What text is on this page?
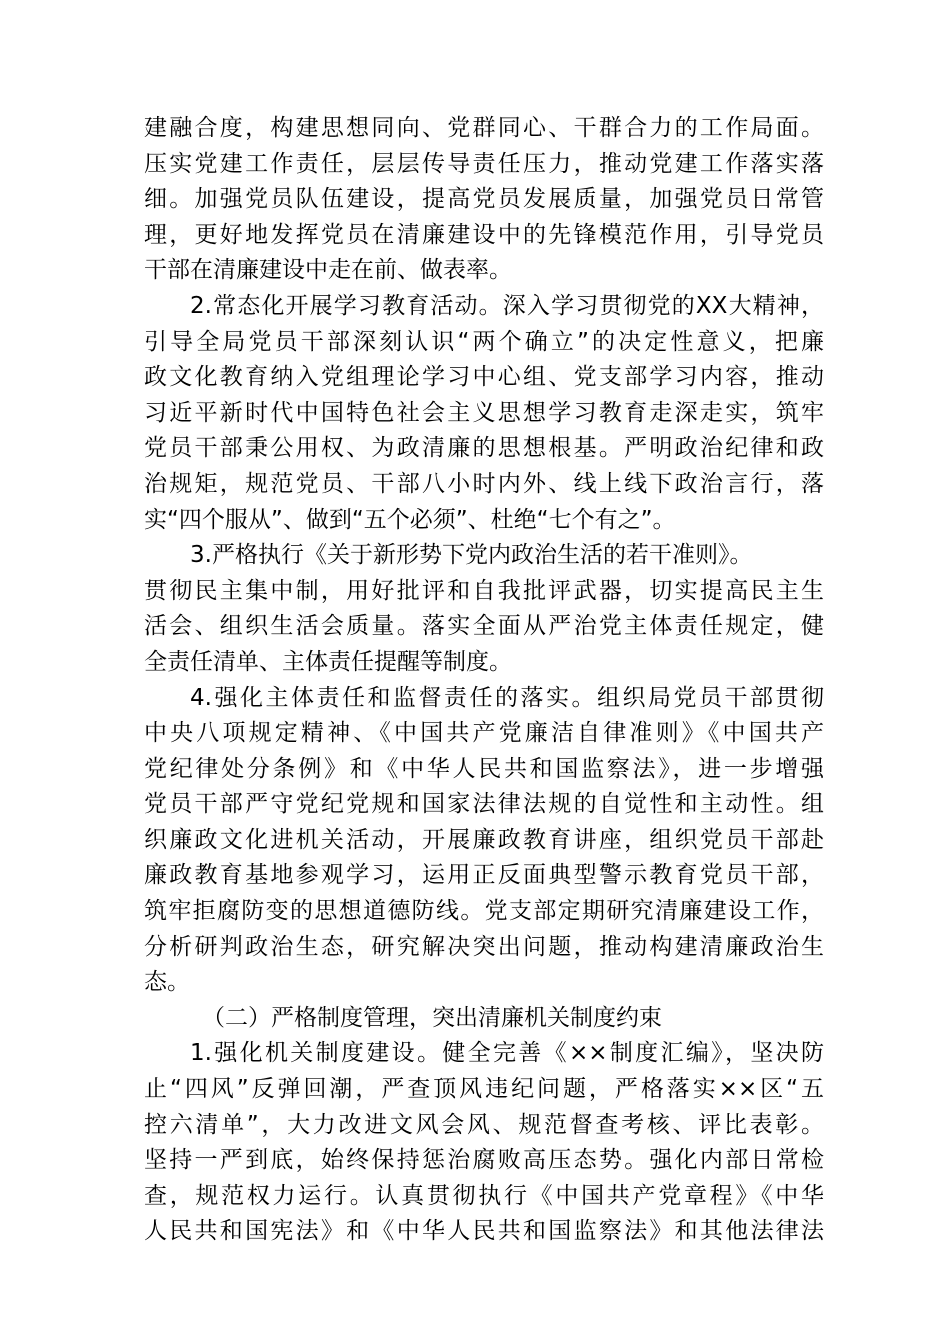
建融合度，构建思想同向、党群同心、干群合力的工作局面。
压实党建工作责任，层层传导责任压力，推动党建工作落实落
细。加强党员队伍建设，提高党员发展质量，加强党员日常管
理，更好地发挥党员在清廉建设中的先锋模范作用，引导党员
干部在清廉建设中走在前、做表率。
2.常态化开展学习教育活动。深入学习贯彻党的XX大精神，
引导全局党员干部深刻认识“两个确立”的决定性意义，把廉
政文化教育纳入党组理论学习中心组、党支部学习内容，推动
习近平新时代中国特色社会主义思想学习教育走深走实，筑牢
党员干部秉公用权、为政清廉的思想根基。严明政治纪律和政
治规矩，规范党员、干部八小时内外、线上线下政治言行，落
实“四个服从”、做到“五个必须”、杜绝“七个有之”。
3.严格执行《关于新形势下党内政治生活的若干准则》。
贯彻民主集中制，用好批评和自我批评武器，切实提高民主生
活会、组织生活会质量。落实全面从严治党主体责任规定，健
全责任清单、主体责任提醒等制度。
4.强化主体责任和监督责任的落实。组织局党员干部贯彻
中央八项规定精神、《中国共产党廉洁自律准则》《中国共产
党纪律处分条例》和《中华人民共和国监察法》，进一步增强
党员干部严守党纪党规和国家法律法规的自觉性和主动性。组
织廉政文化进机关活动，开展廉政教育讲座，组织党员干部赴
廉政教育基地参观学习，运用正反面典型警示教育党员干部，
筑牢拒腐防变的思想道德防线。党支部定期研究清廉建设工作，
分析研判政治生态，研究解决突出问题，推动构建清廉政治生
态。
（二）严格制度管理，突出清廉机关制度约束
1.强化机关制度建设。健全完善《××制度汇编》，坚决防
止“四风”反弹回潮，严查顶风违纪问题，严格落实××区“五
控六清单”，大力改进文风会风、规范督查考核、评比表彰。
坚持一严到底，始终保持惩治腐败高压态势。强化内部日常检
查，规范权力运行。认真贯彻执行《中国共产党章程》《中华
人民共和国宪法》和《中华人民共和国监察法》和其他法律法
